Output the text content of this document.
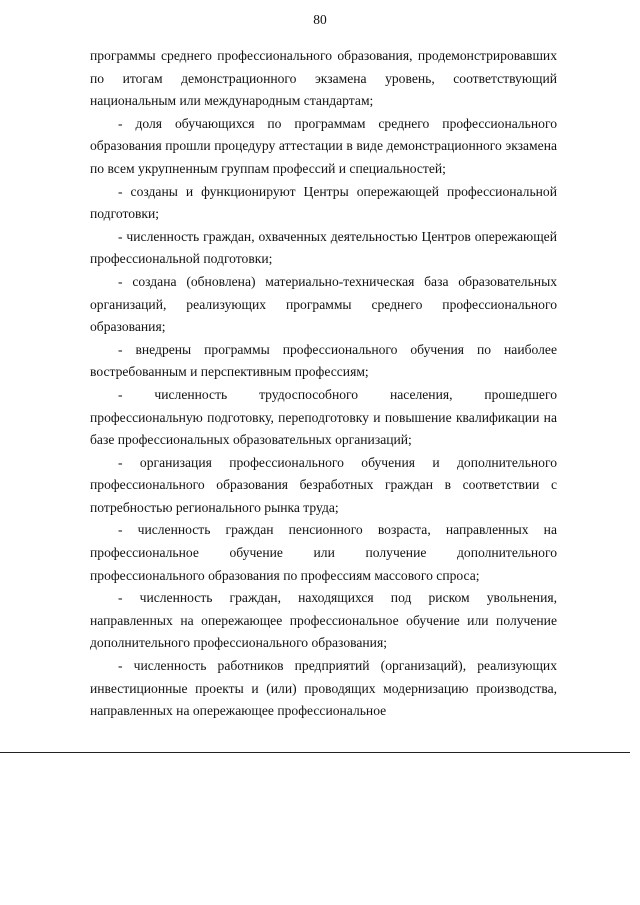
80

программы среднего профессионального образования, продемонстрировавших по итогам демонстрационного экзамена уровень, соответствующий национальным или международным стандартам;

- доля обучающихся по программам среднего профессионального образования прошли процедуру аттестации в виде демонстрационного экзамена по всем укрупненным группам профессий и специальностей;

- созданы и функционируют Центры опережающей профессиональной подготовки;

- численность граждан, охваченных деятельностью Центров опережающей профессиональной подготовки;

- создана (обновлена) материально-техническая база образовательных организаций, реализующих программы среднего профессионального образования;

- внедрены программы профессионального обучения по наиболее востребованным и перспективным профессиям;

- численность трудоспособного населения, прошедшего профессиональную подготовку, переподготовку и повышение квалификации на базе профессиональных образовательных организаций;

- организация профессионального обучения и дополнительного профессионального образования безработных граждан в соответствии с потребностью регионального рынка труда;

- численность граждан пенсионного возраста, направленных на профессиональное обучение или получение дополнительного профессионального образования по профессиям массового спроса;

- численность граждан, находящихся под риском увольнения, направленных на опережающее профессиональное обучение или получение дополнительного профессионального образования;

- численность работников предприятий (организаций), реализующих инвестиционные проекты и (или) проводящих модернизацию производства, направленных на опережающее профессиональное
